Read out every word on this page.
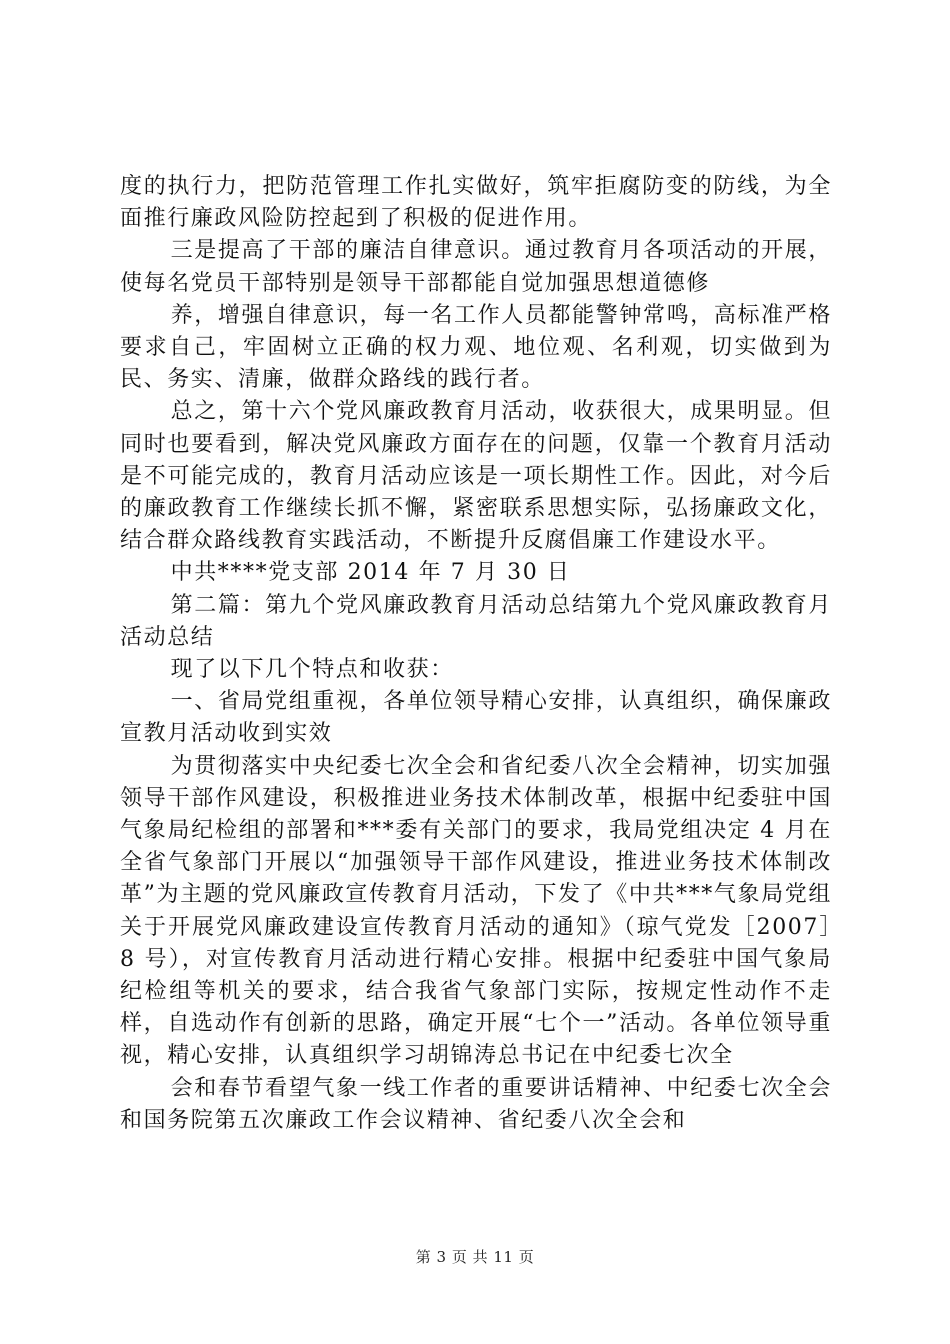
度的执行力，把防范管理工作扎实做好，筑牢拒腐防变的防线，为全面推行廉政风险防控起到了积极的促进作用。

三是提高了干部的廉洁自律意识。通过教育月各项活动的开展，使每名党员干部特别是领导干部都能自觉加强思想道德修

养，增强自律意识，每一名工作人员都能警钟常鸣，高标准严格要求自己，牢固树立正确的权力观、地位观、名利观，切实做到为民、务实、清廉，做群众路线的践行者。

总之，第十六个党风廉政教育月活动，收获很大，成果明显。但同时也要看到，解决党风廉政方面存在的问题，仅靠一个教育月活动是不可能完成的，教育月活动应该是一项长期性工作。因此，对今后的廉政教育工作继续长抓不懈，紧密联系思想实际，弘扬廉政文化，结合群众路线教育实践活动，不断提升反腐倡廉工作建设水平。

中共****党支部 2014 年 7 月 30 日

第二篇：第九个党风廉政教育月活动总结第九个党风廉政教育月活动总结

现了以下几个特点和收获：

一、省局党组重视，各单位领导精心安排，认真组织，确保廉政宣教月活动收到实效

为贯彻落实中央纪委七次全会和省纪委八次全会精神，切实加强领导干部作风建设，积极推进业务技术体制改革，根据中纪委驻中国气象局纪检组的部署和***委有关部门的要求，我局党组决定 4 月在全省气象部门开展以“加强领导干部作风建设，推进业务技术体制改革”为主题的党风廉政宣传教育月活动，下发了《中共***气象局党组关于开展党风廉政建设宣传教育月活动的通知》（琼气党发［2007］8 号），对宣传教育月活动进行精心安排。根据中纪委驻中国气象局纪检组等机关的要求，结合我省气象部门实际，按规定性动作不走样，自选动作有创新的思路，确定开展“七个一”活动。各单位领导重视，精心安排，认真组织学习胡锦涛总书记在中纪委七次全

会和春节看望气象一线工作者的重要讲话精神、中纪委七次全会和国务院第五次廉政工作会议精神、省纪委八次全会和

第 3 页 共 11 页
